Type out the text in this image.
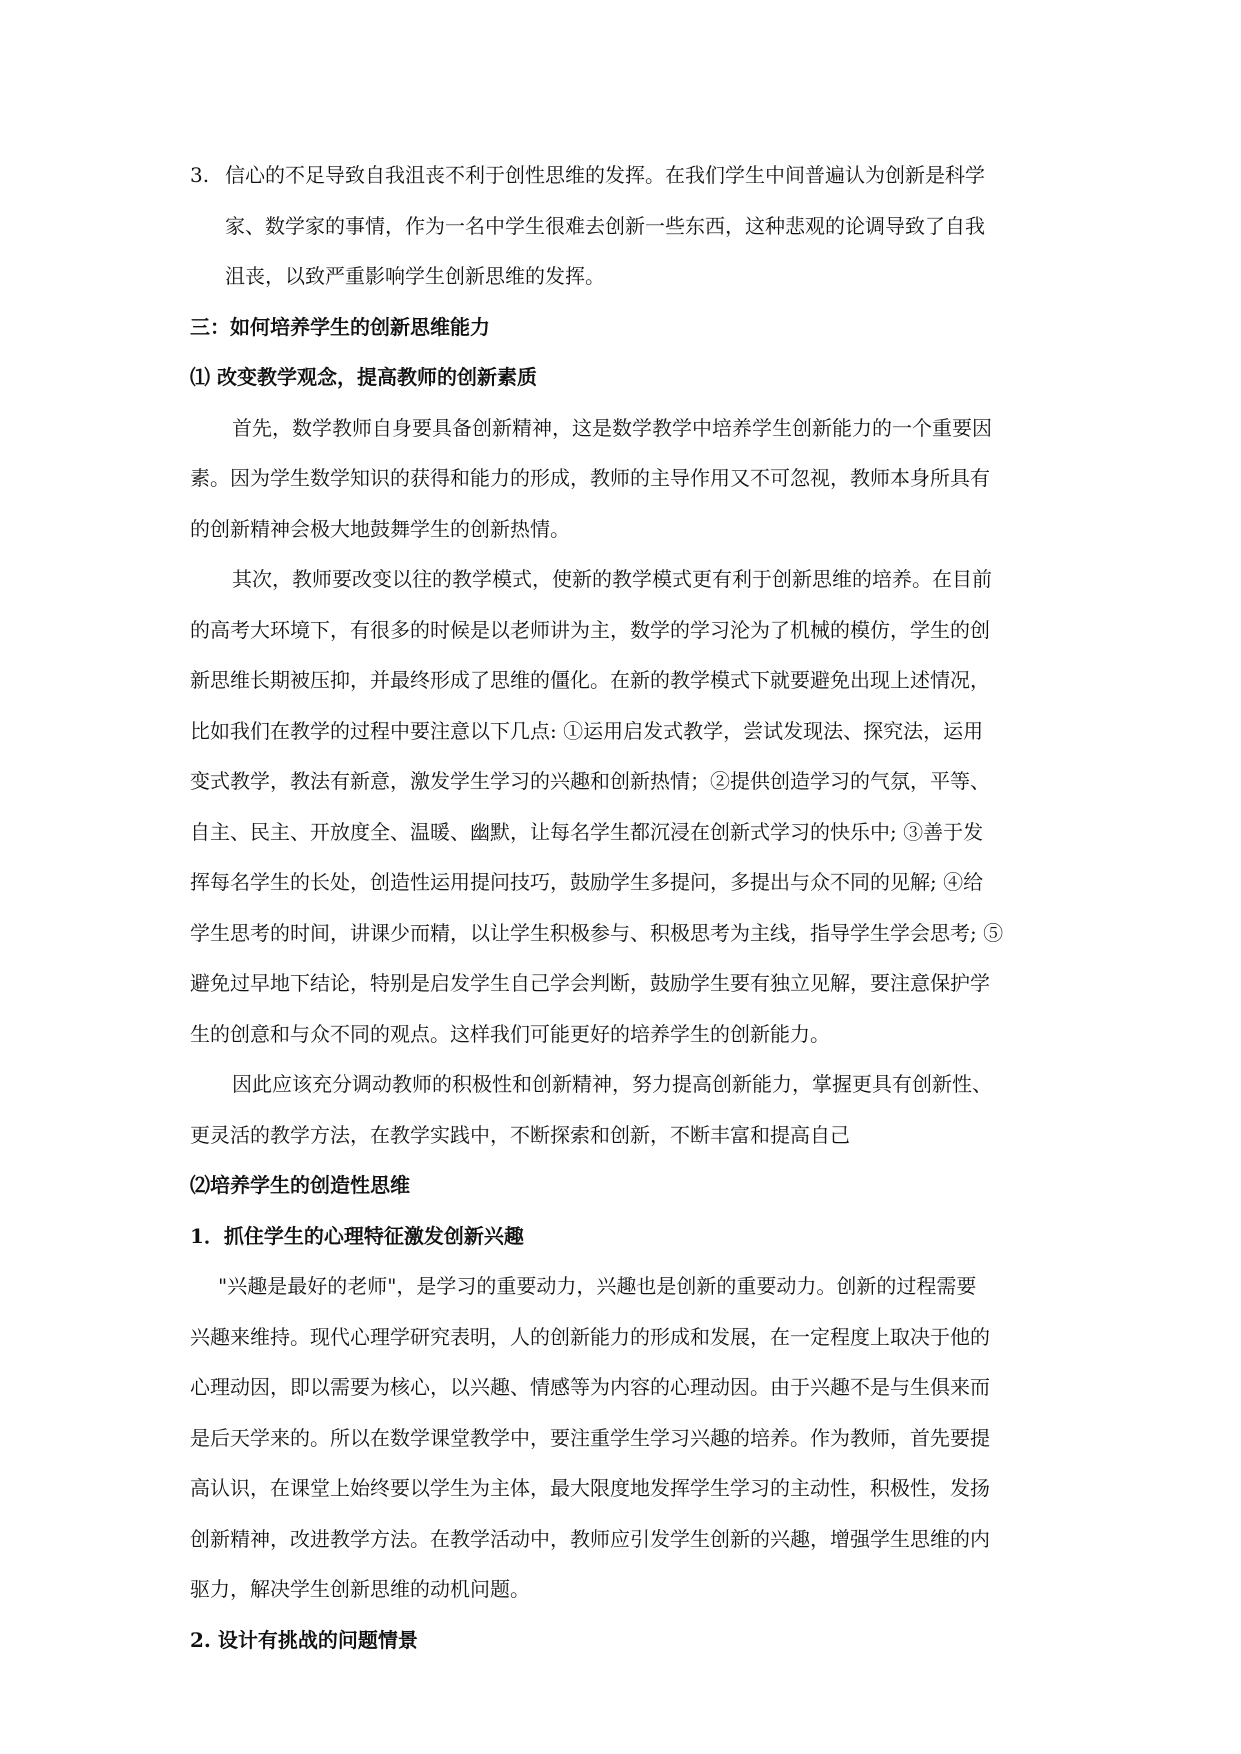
3. 信心的不足导致自我沮丧不利于创性思维的发挥。在我们学生中间普遍认为创新是科学
家、数学家的事情，作为一名中学生很难去创新一些东西，这种悲观的论调导致了自我
沮丧，以致严重影响学生创新思维的发挥。
三：如何培养学生的创新思维能力
⑴ 改变教学观念，提高教师的创新素质
首先，数学教师自身要具备创新精神，这是数学教学中培养学生创新能力的一个重要因
素。因为学生数学知识的获得和能力的形成，教师的主导作用又不可忽视，教师本身所具有
的创新精神会极大地鼓舞学生的创新热情。
其次，教师要改变以往的教学模式，使新的教学模式更有利于创新思维的培养。在目前
的高考大环境下，有很多的时候是以老师讲为主，数学的学习沦为了机械的模仿，学生的创
新思维长期被压抑，并最终形成了思维的僵化。在新的教学模式下就要避免出现上述情况，
比如我们在教学的过程中要注意以下几点: ①运用启发式教学，尝试发现法、探究法，运用
变式教学，教法有新意，激发学生学习的兴趣和创新热情；②提供创造学习的气氛，平等、
自主、民主、开放度全、温暖、幽默，让每名学生都沉浸在创新式学习的快乐中; ③善于发
挥每名学生的长处，创造性运用提问技巧，鼓励学生多提问，多提出与众不同的见解; ④给
学生思考的时间，讲课少而精，以让学生积极参与、积极思考为主线，指导学生学会思考; ⑤
避免过早地下结论，特别是启发学生自己学会判断，鼓励学生要有独立见解，要注意保护学
生的创意和与众不同的观点。这样我们可能更好的培养学生的创新能力。
因此应该充分调动教师的积极性和创新精神，努力提高创新能力，掌握更具有创新性、
更灵活的教学方法，在教学实践中，不断探索和创新，不断丰富和提高自己
⑵培养学生的创造性思维
1．抓住学生的心理特征激发创新兴趣
"兴趣是最好的老师"，是学习的重要动力，兴趣也是创新的重要动力。创新的过程需要
兴趣来维持。现代心理学研究表明，人的创新能力的形成和发展，在一定程度上取决于他的
心理动因，即以需要为核心，以兴趣、情感等为内容的心理动因。由于兴趣不是与生俱来而
是后天学来的。所以在数学课堂教学中，要注重学生学习兴趣的培养。作为教师，首先要提
高认识，在课堂上始终要以学生为主体，最大限度地发挥学生学习的主动性，积极性，发扬
创新精神，改进教学方法。在教学活动中，教师应引发学生创新的兴趣，增强学生思维的内
驱力，解决学生创新思维的动机问题。
2. 设计有挑战的问题情景
